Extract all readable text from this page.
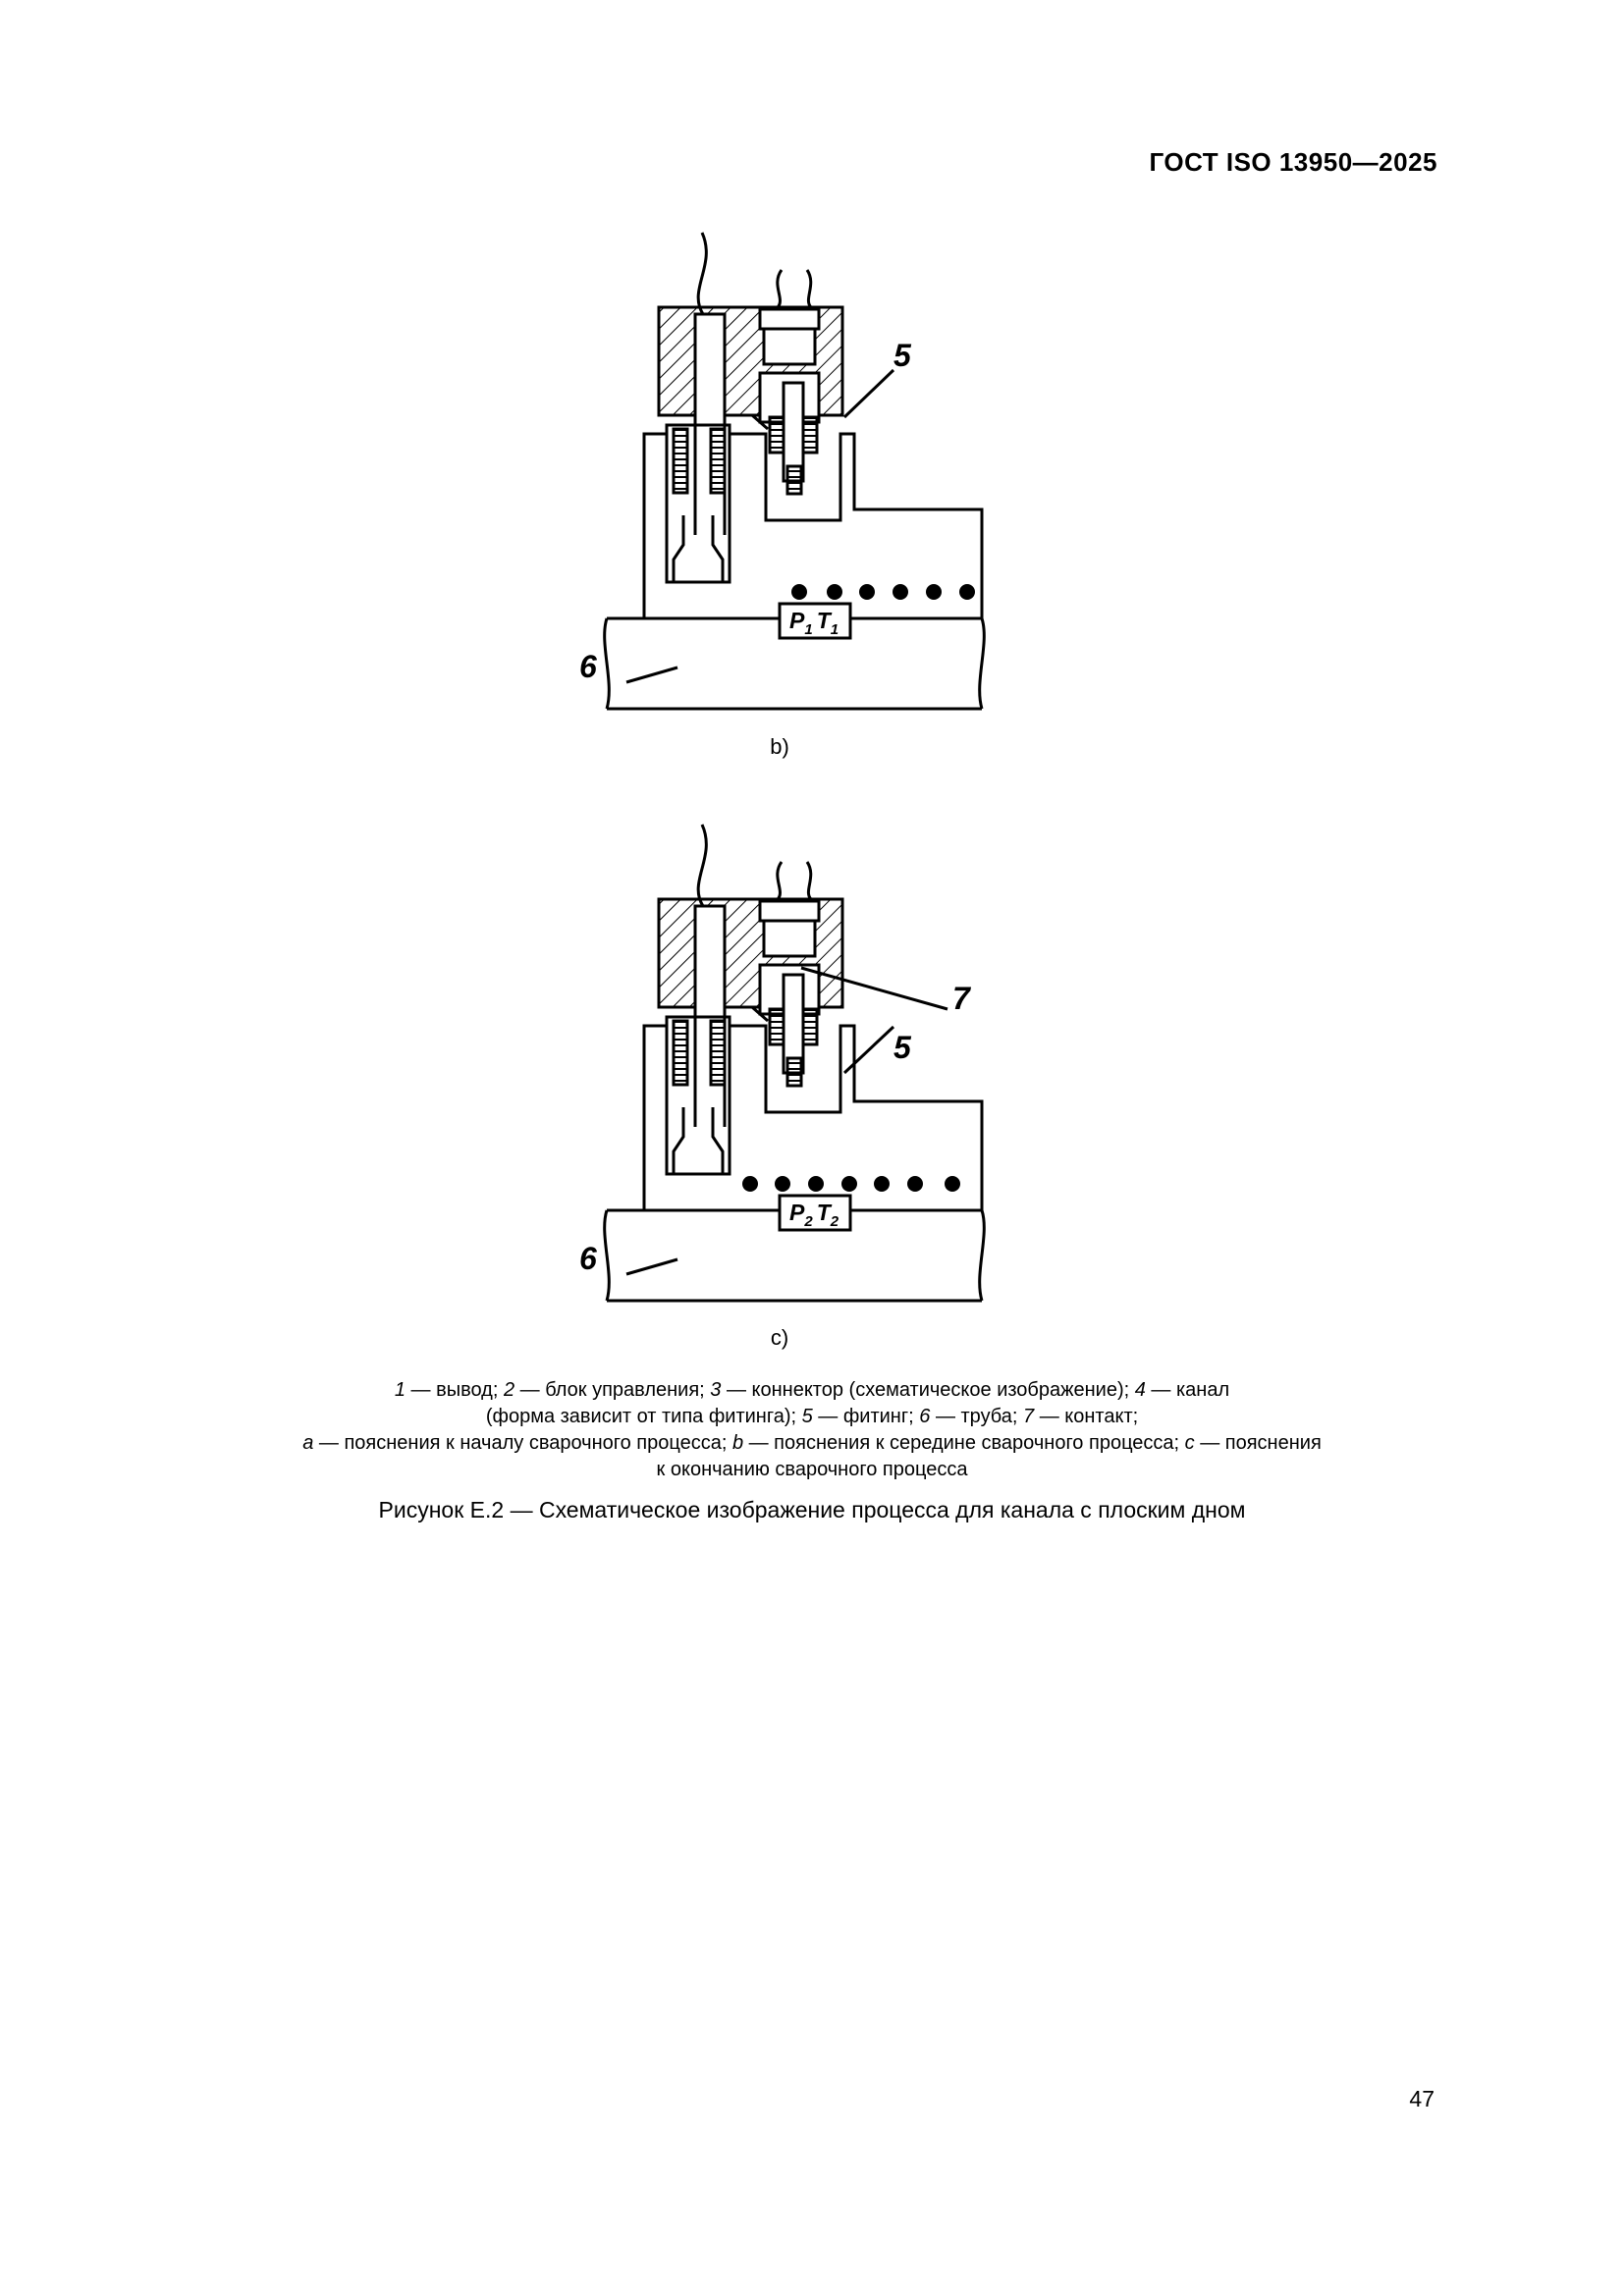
ГОСТ ISO 13950—2025
$P_1$ $T_1$
5
6
b)
$P_2$ $T_2$
7
5
6
c)
1 — вывод; 2 — блок управления; 3 — коннектор (схематическое изображение); 4 — канал
(форма зависит от типа фитинга); 5 — фитинг; 6 — труба; 7 — контакт;
a — пояснения к началу сварочного процесса; b — пояснения к середине сварочного процесса; c — пояснения
к окончанию сварочного процесса
Рисунок E.2 — Схематическое изображение процесса для канала с плоским дном
47
